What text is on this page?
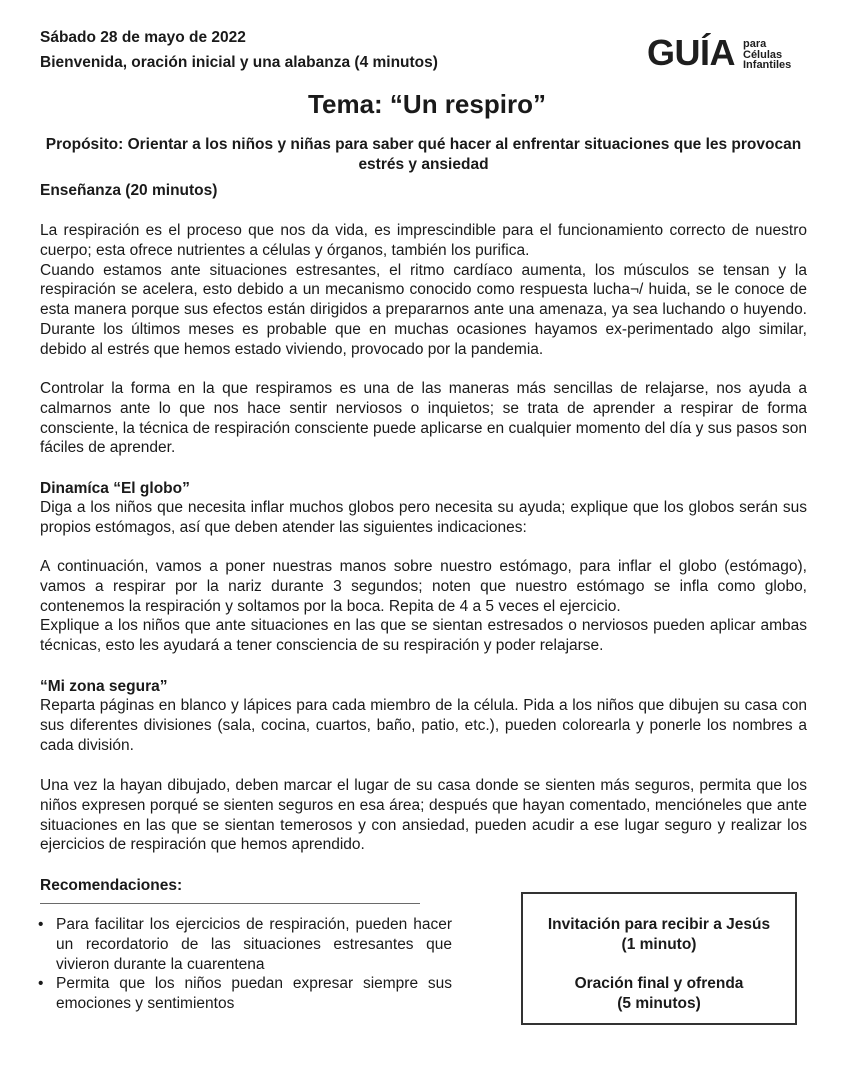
Sábado 28 de mayo de 2022
Bienvenida, oración inicial y una alabanza (4 minutos)	GUÍA para
Células
Infantiles
Tema: “Un respiro”
Propósito: Orientar a los niños y niñas para saber qué hacer al enfrentar situaciones que les provocan estrés y ansiedad
Enseñanza (20 minutos)
La respiración es el proceso que nos da vida, es imprescindible para el funcionamiento correcto de nuestro cuerpo; esta ofrece nutrientes a células y órganos, también los purifica.
Cuando estamos ante situaciones estresantes, el ritmo cardíaco aumenta, los músculos se tensan y la respiración se acelera, esto debido a un mecanismo conocido como respuesta lucha¬/ huida, se le conoce de esta manera porque sus efectos están dirigidos a prepararnos ante una amenaza, ya sea luchando o huyendo. Durante los últimos meses es probable que en muchas ocasiones hayamos ex-perimentado algo similar, debido al estrés que hemos estado viviendo, provocado por la pandemia.
Controlar la forma en la que respiramos es una de las maneras más sencillas de relajarse, nos ayuda a calmarnos ante lo que nos hace sentir nerviosos o inquietos; se trata de aprender a respirar de forma consciente, la técnica de respiración consciente puede aplicarse en cualquier momento del día y sus pasos son fáciles de aprender.
Dinamíca “El globo”
Diga a los niños que necesita inflar muchos globos pero necesita su ayuda; explique que los globos serán sus propios estómagos, así que deben atender las siguientes indicaciones:
A continuación, vamos a poner nuestras manos sobre nuestro estómago, para inflar el globo (estómago), vamos a respirar por la nariz durante 3 segundos; noten que nuestro estómago se infla como globo, contenemos la respiración y soltamos por la boca. Repita de 4 a 5 veces el ejercicio.
Explique a los niños que ante situaciones en las que se sientan estresados o nerviosos pueden aplicar ambas técnicas, esto les ayudará a tener consciencia de su respiración y poder relajarse.
“Mi zona segura”
Reparta páginas en blanco y lápices para cada miembro de la célula. Pida a los niños que dibujen su casa con sus diferentes divisiones (sala, cocina, cuartos, baño, patio, etc.), pueden colorearla y ponerle los nombres a cada división.
Una vez la hayan dibujado, deben marcar el lugar de su casa donde se sienten más seguros, permita que los niños expresen porqué se sienten seguros en esa área; después que hayan comentado, menciónеles que ante situaciones en las que se sientan temerosos y con ansiedad, pueden acudir a ese lugar seguro y realizar los ejercicios de respiración que hemos aprendido.
Recomendaciones:
• Para facilitar los ejercicios de respiración, pueden hacer un recordatorio de las situaciones estresantes que vivieron durante la cuarentena
• Permita que los niños puedan expresar siempre sus emociones y sentimientos
Invitación para recibir a Jesús
(1 minuto)
Oración final y ofrenda
(5 minutos)
